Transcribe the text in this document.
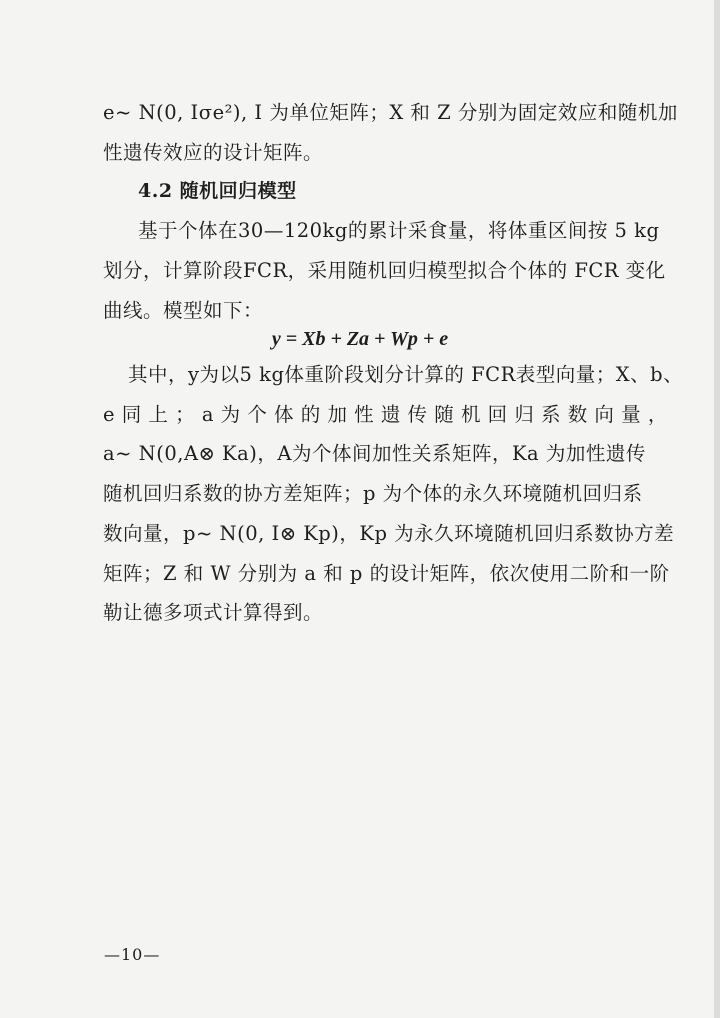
e~ N(0, Iσe²), I 为单位矩阵；X 和 Z 分别为固定效应和随机加
性遗传效应的设计矩阵。
4.2 随机回归模型
基于个体在30—120kg的累计采食量，将体重区间按 5 kg
划分，计算阶段FCR，采用随机回归模型拟合个体的 FCR 变化
曲线。模型如下：
y = Xb + Za + Wp + e
其中，y为以5 kg体重阶段划分计算的 FCR表型向量；X、b、
e 同 上 ； a 为 个 体 的 加 性 遗 传 随 机 回 归 系 数 向 量 ，
a~ N(0,A⊗ Ka)，A为个体间加性关系矩阵，Ka 为加性遗传
随机回归系数的协方差矩阵；p 为个体的永久环境随机回归系
数向量，p~ N(0, I⊗ Kp)，Kp 为永久环境随机回归系数协方差
矩阵；Z 和 W 分别为 a 和 p 的设计矩阵，依次使用二阶和一阶
勒让德多项式计算得到。
—10—
